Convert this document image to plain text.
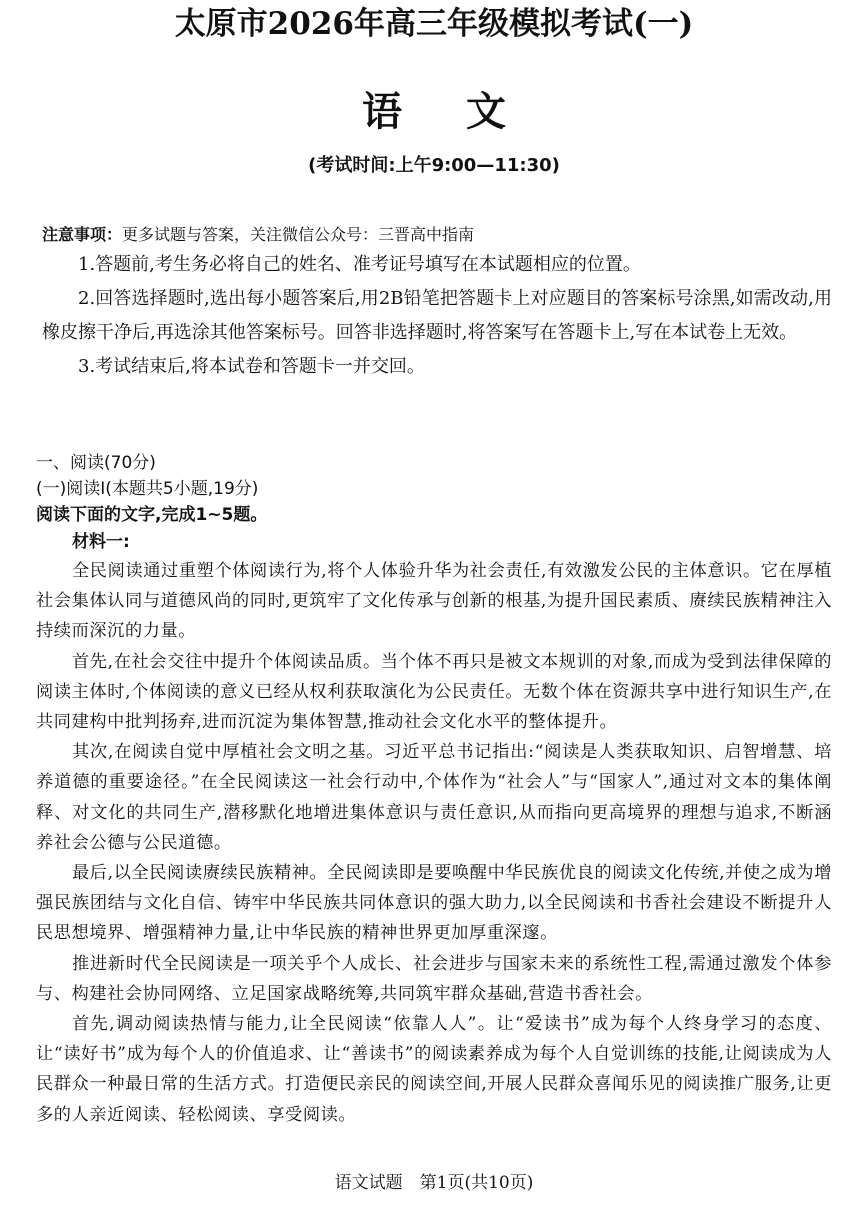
太原市2026年高三年级模拟考试(一)
语文
(考试时间:上午9:00—11:30)
注意事项：更多试题与答案，关注微信公众号：三晋高中指南

1.答题前,考生务必将自己的姓名、准考证号填写在本试题相应的位置。

2.回答选择题时,选出每小题答案后,用2B铅笔把答题卡上对应题目的答案标号涂黑,如需改动,用橡皮擦干净后,再选涂其他答案标号。回答非选择题时,将答案写在答题卡上,写在本试卷上无效。

3.考试结束后,将本试卷和答题卡一并交回。

一、阅读(70分)

(一)阅读Ⅰ(本题共5小题,19分)

阅读下面的文字,完成1~5题。

材料一:

全民阅读通过重塑个体阅读行为,将个人体验升华为社会责任,有效激发公民的主体意识。它在厚植社会集体认同与道德风尚的同时,更筑牢了文化传承与创新的根基,为提升国民素质、赓续民族精神注入持续而深沉的力量。

首先,在社会交往中提升个体阅读品质。当个体不再只是被文本规训的对象,而成为受到法律保障的阅读主体时,个体阅读的意义已经从权利获取演化为公民责任。无数个体在资源共享中进行知识生产,在共同建构中批判扬弃,进而沉淀为集体智慧,推动社会文化水平的整体提升。

其次,在阅读自觉中厚植社会文明之基。习近平总书记指出:“阅读是人类获取知识、启智增慧、培养道德的重要途径。”在全民阅读这一社会行动中,个体作为“社会人”与“国家人”,通过对文本的集体阐释、对文化的共同生产,潜移默化地增进集体意识与责任意识,从而指向更高境界的理想与追求,不断涵养社会公德与公民道德。

最后,以全民阅读赓续民族精神。全民阅读即是要唤醒中华民族优良的阅读文化传统,并使之成为增强民族团结与文化自信、铸牢中华民族共同体意识的强大助力,以全民阅读和书香社会建设不断提升人民思想境界、增强精神力量,让中华民族的精神世界更加厚重深邃。

推进新时代全民阅读是一项关乎个人成长、社会进步与国家未来的系统性工程,需通过激发个体参与、构建社会协同网络、立足国家战略统筹,共同筑牢群众基础,营造书香社会。

首先,调动阅读热情与能力,让全民阅读“依靠人人”。让“爱读书”成为每个人终身学习的态度、让“读好书”成为每个人的价值追求、让“善读书”的阅读素养成为每个人自觉训练的技能,让阅读成为人民群众一种最日常的生活方式。打造便民亲民的阅读空间,开展人民群众喜闻乐见的阅读推广服务,让更多的人亲近阅读、轻松阅读、享受阅读。

语文试题　第1页(共10页)
